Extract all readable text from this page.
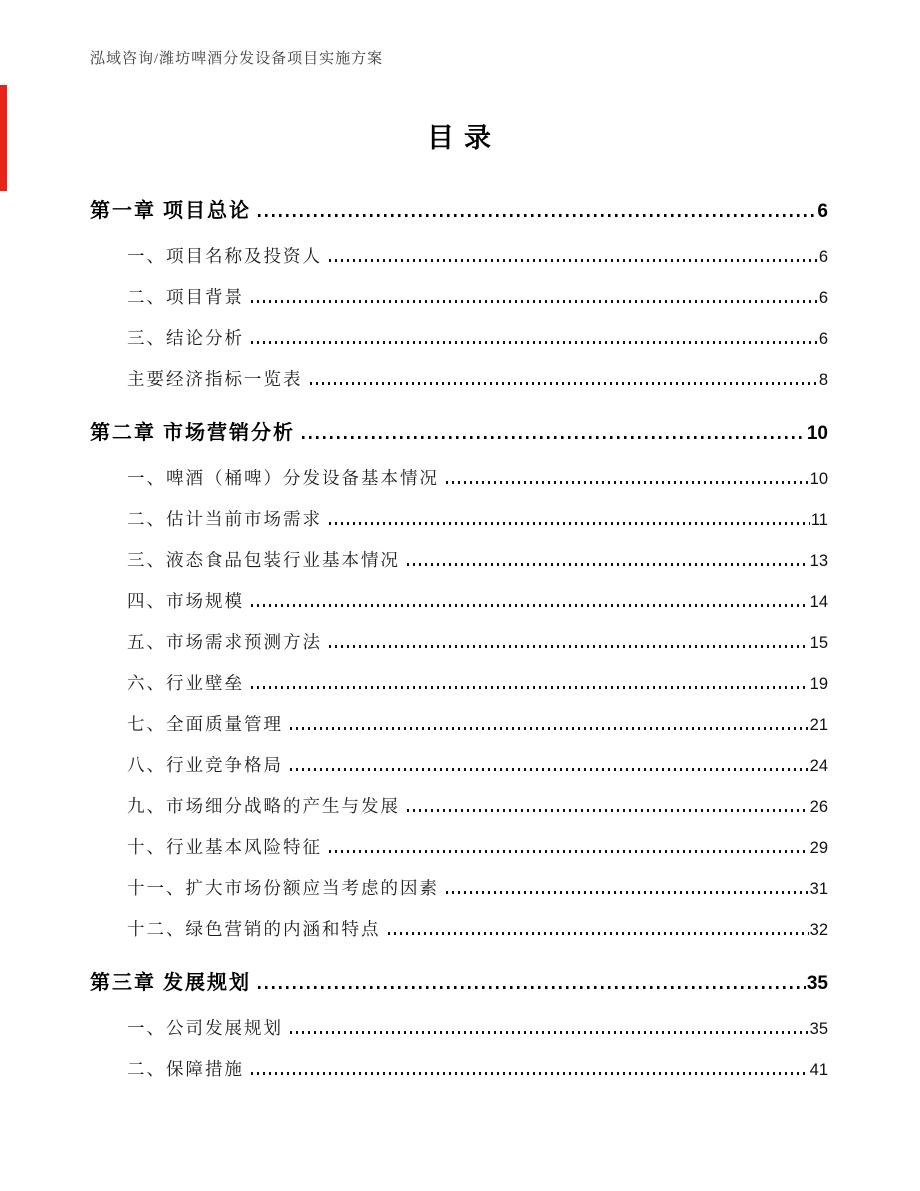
泓域咨询/潍坊啤酒分发设备项目实施方案
目录
第一章 项目总论	6
一、项目名称及投资人	6
二、项目背景	6
三、结论分析	6
主要经济指标一览表	8
第二章 市场营销分析	10
一、啤酒（桶啤）分发设备基本情况	10
二、估计当前市场需求	11
三、液态食品包装行业基本情况	13
四、市场规模	14
五、市场需求预测方法	15
六、行业壁垒	19
七、全面质量管理	21
八、行业竞争格局	24
九、市场细分战略的产生与发展	26
十、行业基本风险特征	29
十一、扩大市场份额应当考虑的因素	31
十二、绿色营销的内涵和特点	32
第三章 发展规划	35
一、公司发展规划	35
二、保障措施	41
